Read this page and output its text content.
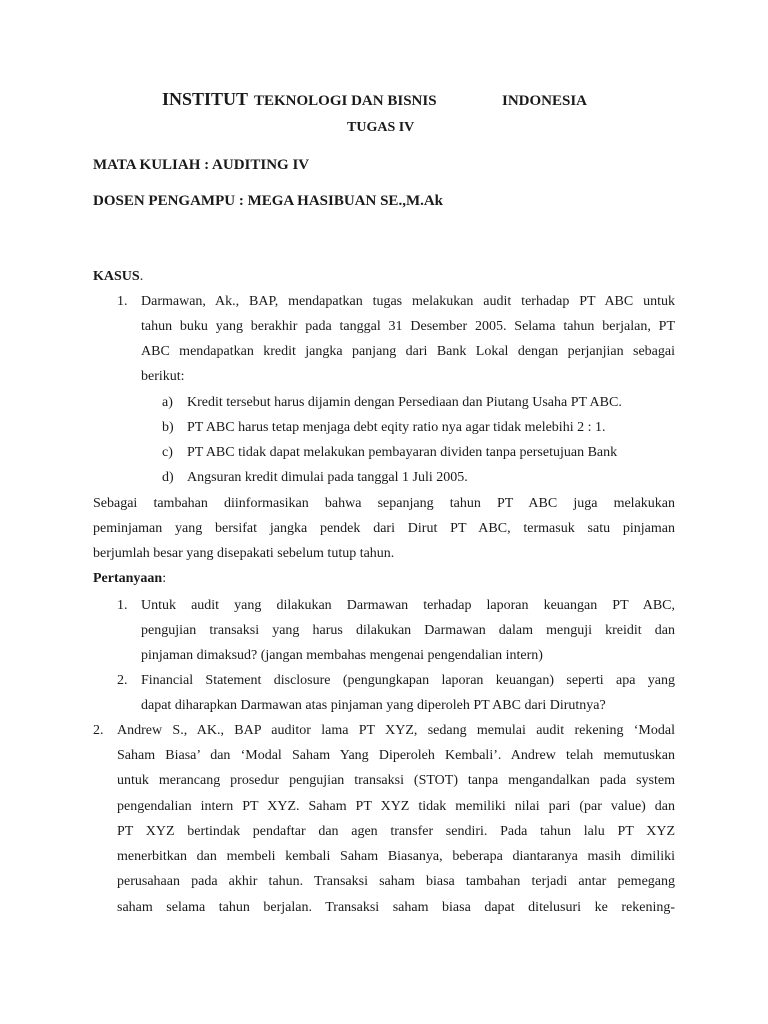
INSTITUT TEKNOLOGI DAN BISNIS	INDONESIA
TUGAS IV
MATA KULIAH : AUDITING IV
DOSEN PENGAMPU : MEGA HASIBUAN SE.,M.Ak
KASUS.
1. Darmawan, Ak., BAP, mendapatkan tugas melakukan audit terhadap PT ABC untuk
tahun buku yang berakhir pada tanggal 31 Desember 2005. Selama tahun berjalan, PT
ABC mendapatkan kredit jangka panjang dari Bank Lokal dengan perjanjian sebagai
berikut:
a) Kredit tersebut harus dijamin dengan Persediaan dan Piutang Usaha PT ABC.
b) PT ABC harus tetap menjaga debt eqity ratio nya agar tidak melebihi 2 : 1.
c) PT ABC tidak dapat melakukan pembayaran dividen tanpa persetujuan Bank
d) Angsuran kredit dimulai pada tanggal 1 Juli 2005.
Sebagai tambahan diinformasikan bahwa sepanjang tahun PT ABC juga melakukan
peminjaman yang bersifat jangka pendek dari Dirut PT ABC, termasuk satu pinjaman
berjumlah besar yang disepakati sebelum tutup tahun.
Pertanyaan:
1. Untuk audit yang dilakukan Darmawan terhadap laporan keuangan PT ABC,
pengujian transaksi yang harus dilakukan Darmawan dalam menguji kreidit dan
pinjaman dimaksud? (jangan membahas mengenai pengendalian intern)
2. Financial Statement disclosure (pengungkapan laporan keuangan) seperti apa yang
dapat diharapkan Darmawan atas pinjaman yang diperoleh PT ABC dari Dirutnya?
2. Andrew S., AK., BAP auditor lama PT XYZ, sedang memulai audit rekening ‘Modal
Saham Biasa’ dan ‘Modal Saham Yang Diperoleh Kembali’. Andrew telah memutuskan
untuk merancang prosedur pengujian transaksi (STOT) tanpa mengandalkan pada system
pengendalian intern PT XYZ. Saham PT XYZ tidak memiliki nilai pari (par value) dan
PT XYZ bertindak pendaftar dan agen transfer sendiri. Pada tahun lalu PT XYZ
menerbitkan dan membeli kembali Saham Biasanya, beberapa diantaranya masih dimiliki
perusahaan pada akhir tahun. Transaksi saham biasa tambahan terjadi antar pemegang
saham selama tahun berjalan. Transaksi saham biasa dapat ditelusuri ke rekening-
